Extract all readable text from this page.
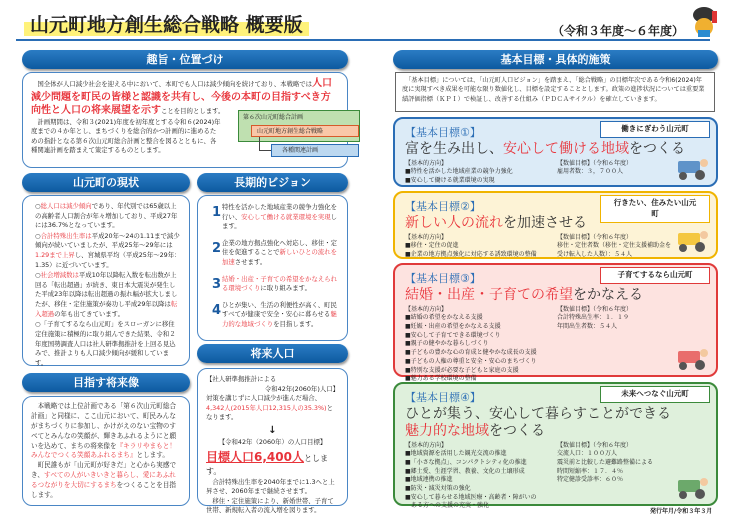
山元町地方創生総合戦略 概要版	（令和３年度～６年度）
趣旨・位置づけ
　国全体が人口減少社会を迎える中において、本町でも人口は減少傾向を続けており、本戦略では人口減少問題を町民の皆様と認識を共有し、今後の本町の目指すべき方向性と人口の将来展望を示すことを目的とします。
　計画期間は、令和３(2021)年度を初年度とする令和６(2024)年度までの４か年とし、まちづくりを総合的かつ計画的に進めるための指針となる第６次山元町総合計画と整合を図るとともに、各種関連計画を踏まえて策定するものとします。
第６次山元町総合計画
山元町地方創生総合戦略
各種関連計画
山元町の現状
○総人口は減少傾向であり、年代別では65歳以上の高齢者人口割合が年々増加しており、平成27年には36.7%となっています。
○合計特殊出生率は平成20年～24の1.11まで減少傾向が続いていましたが、平成25年～29年には1.29まで上昇し、宮城県平均（平成25年～29年：1.35）に近づいています。
○社会増減数は平成10年以降転入数を転出数が上回る「転出超過」が続き、東日本大震災が発生した平成23年以降は転出超過の振れ幅が拡大しましたが、移住・定住施策が奏功し平成29年以降は転入超過の年も出てきています。
○「子育てするなら山元町」をスローガンに移住定住施策に積極的に取り組んできた結果、令和２年度国勢調査人口は社人研準拠推計を上回る見込みで、推計よりも人口減少傾向が緩和しています。
長期的ビジョン
1 特性を活かした地域産業の競争力強化を行い、安心して働ける就業環境を実現します。
2 企業の地方拠点強化へ対応し、移住・定住を促進することで新しいひとの流れを加速させます。
3 結婚・出産・子育ての希望をかなえられる環境づくりに取り組みます。
4 ひとが集い、生活の利便性が高く、町民すべてが健康で安全・安心に暮らせる魅力的な地域づくりを目指します。
将来人口
【社人研準拠推計による
令和42年(2060年)人口】
対策を講じずに人口減少が進んだ場合、4,342人(2015年人口12,315人の35.3%)となります。
↓
【令和42年（2060年）の人口目標】
目標人口6,400人とします。
　合計特殊出生率を2040年までに1.3へと上昇させ、2060年まで継続させます。
　移住・定住施策により、新婚世帯、子育て世帯、新規転入者の流入増を図ります。
目指す将来像
　本戦略では上位計画である「第６次山元町総合計画」と同様に、ここ山元において、町民みんながまちづくりに参加し、かけがえのない宝物のすべてとみんなの笑顔が、輝きあふれるようにと願いを込めて、まちの将来像を『キラリやまもと！みんなでつくる笑顔あふれるまち』とします。
　町民誰もが「山元町が好きだ」と心から実感でき、すべての人がいきいきと暮らし、愛にあふれるつながりを大切にするまちをつくることを目指します。
基本目標・具体的施策
　「基本目標」については、「山元町人口ビジョン」を踏まえ、「総合戦略」の目標年次である令和6(2024)年度に実現すべき成果を可能な限り数値化し、目標を設定することとします。政策の進捗状況については重要業績評価指標（ＫＰＩ）で検証し、改善する仕組み（ＰＤＣＡサイクル）を確立していきます。
働きにぎわう山元町
【基本目標①】
富を生み出し、安心して働ける地域をつくる
【基本的方向】
■特性を活かした地域産業の競争力強化
■安心して働ける就業環境の実現
【数値目標】（令和６年度）
雇用者数：３，７００人
行きたい、住みたい山元町
【基本目標②】
新しい人の流れを加速させる
【基本的方向】
■移住・定住の促進
■企業の地方拠点強化に対応する誘致環境の整備
【数値目標】（令和６年度）
移住・定住者数（移住・定住支援補助金を
受け転入した人数）：５４人
子育てするなら山元町
【基本目標③】
結婚・出産・子育ての希望をかなえる
【基本的方向】
■結婚の希望をかなえる支援
■妊娠・出産の希望をかなえる支援
■安心して子育てできる環境づくり
■親子の健やかな暮らしづくり
■子どもの豊かな心の育成と健やかな成長の支援
■子どもの人権の尊重と安全・安心のまちづくり
■特別な支援が必要な子どもと家庭の支援
■魅力ある学校環境の整備
【数値目標】（令和６年度）
合計特殊出生率：１．１９
年間出生者数：５４人
未来へつなぐ山元町
【基本目標④】
ひとが集う、安心して暮らすことができる
魅力的な地域をつくる
【基本的方向】
■地域資源を活用した観光交流の推進
■「小さな拠点」、コンパクトシティ化の推進
■郷土愛、生涯学習、教養、文化の土壌形成
■地域連携の推進
■防災・減災対策の強化
■安心して暮らせる地域医療・高齢者・障がいの
　ある方への支援の充実・強化
【数値目標】（令和６年度）
交流人口：１００万人
震災前と比較した避難路整備による
時間短縮率：１７．４％
特定健診受診率：６０％
発行年月/令和３年３月
